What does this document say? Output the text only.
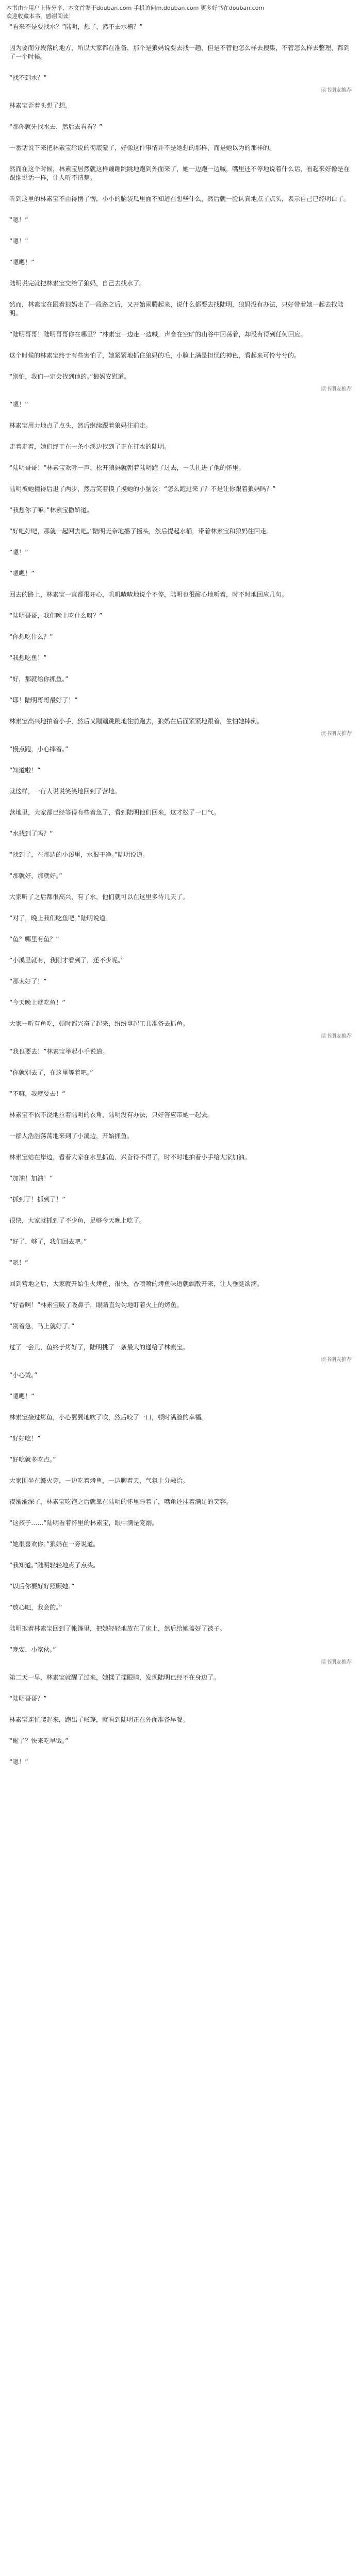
本书由☆用户上传分享，本文首发于douban.com 手机访问m.douban.com 更多好书在douban.com
欢迎收藏本书，感谢阅读！

“看来不是要找水？”陆明，想了，然不去水槽？”

因为要而分段落的地方，所以大家都在准备，那个是狼妈说要去找一趟，但是不管他怎么样去搜集，不管怎么样去整理，都到了一个时候。

“找不到水？”

读书朋友推荐

林素宝歪着头想了想。

“那你就先找水去，然后去看看？”

一番话说下来把林素宝给说的彻底蒙了，好像这件事情并不是她想的那样，而是她以为的那样的。

然而在这个时候，林素宝居然就这样蹦蹦跳跳地跑到外面来了，她一边跑一边喊，嘴里还不停地说着什么话，看起来好像是在跟谁说话一样，让人听不清楚。

听到这里的林素宝不由得愣了愣，小小的脑袋瓜里面不知道在想些什么，然后就一脸认真地点了点头，表示自己已经明白了。

“嗯！”

“嗯！”

“嗯嗯！”

陆明说完就把林素宝交给了狼妈，自己去找水了。

然而，林素宝在跟着狼妈走了一段路之后，又开始闹腾起来，说什么都要去找陆明，狼妈没有办法，只好带着她一起去找陆明。

“陆明哥哥！陆明哥哥你在哪里？”林素宝一边走一边喊，声音在空旷的山谷中回荡着，却没有得到任何回应。

这个时候的林素宝终于有些害怕了，她紧紧地抓住狼妈的毛，小脸上满是担忧的神色，看起来可怜兮兮的。

“别怕，我们一定会找到他的。”狼妈安慰道。

读书朋友推荐

“嗯！”

林素宝用力地点了点头，然后继续跟着狼妈往前走。

走着走着，她们终于在一条小溪边找到了正在打水的陆明。

“陆明哥哥！”林素宝欢呼一声，松开狼妈就朝着陆明跑了过去，一头扎进了他的怀里。

陆明被她撞得后退了两步，然后笑着摸了摸她的小脑袋：“怎么跑过来了？不是让你跟着狼妈吗？”

“我想你了嘛。”林素宝撒娇道。

“好吧好吧，那就一起回去吧。”陆明无奈地摇了摇头，然后提起水桶，带着林素宝和狼妈往回走。

“嗯！”

“嗯嗯！”

回去的路上，林素宝一直都很开心，叽叽喳喳地说个不停，陆明也很耐心地听着，时不时地回应几句。

“陆明哥哥，我们晚上吃什么呀？”

“你想吃什么？”

“我想吃鱼！”

“好，那就给你抓鱼。”

“耶！陆明哥哥最好了！”

林素宝高兴地拍着小手，然后又蹦蹦跳跳地往前跑去，狼妈在后面紧紧地跟着，生怕她摔倒。

读书朋友推荐

“慢点跑，小心摔着。”

“知道啦！”

就这样，一行人说说笑笑地回到了营地。

营地里，大家都已经等得有些着急了，看到陆明他们回来，这才松了一口气。

“水找到了吗？”

“找到了，在那边的小溪里，水很干净。”陆明说道。

“那就好，那就好。”

大家听了之后都很高兴，有了水，他们就可以在这里多待几天了。

“对了，晚上我们吃鱼吧。”陆明说道。

“鱼？哪里有鱼？”

“小溪里就有，我刚才看到了，还不少呢。”

“那太好了！”

“今天晚上就吃鱼！”

大家一听有鱼吃，顿时都兴奋了起来，纷纷拿起工具准备去抓鱼。

读书朋友推荐

“我也要去！”林素宝举起小手说道。

“你就别去了，在这里等着吧。”

“不嘛，我就要去！”

林素宝不依不饶地拉着陆明的衣角，陆明没有办法，只好答应带她一起去。

一群人浩浩荡荡地来到了小溪边，开始抓鱼。

林素宝站在岸边，看着大家在水里抓鱼，兴奋得不得了，时不时地拍着小手给大家加油。

“加油！加油！”

“抓到了！抓到了！”

很快，大家就抓到了不少鱼，足够今天晚上吃了。

“好了，够了，我们回去吧。”

“嗯！”

回到营地之后，大家就开始生火烤鱼，很快，香喷喷的烤鱼味道就飘散开来，让人垂涎欲滴。

“好香啊！”林素宝吸了吸鼻子，眼睛直勾勾地盯着火上的烤鱼。

“别着急，马上就好了。”

过了一会儿，鱼终于烤好了，陆明挑了一条最大的递给了林素宝。

读书朋友推荐

“小心烫。”

“嗯嗯！”

林素宝接过烤鱼，小心翼翼地吹了吹，然后咬了一口，顿时满脸的幸福。

“好好吃！”

“好吃就多吃点。”

大家围坐在篝火旁，一边吃着烤鱼，一边聊着天，气氛十分融洽。

夜渐渐深了，林素宝吃饱之后就靠在陆明的怀里睡着了，嘴角还挂着满足的笑容。

“这孩子……”陆明看着怀里的林素宝，眼中满是宠溺。

“她很喜欢你。”狼妈在一旁说道。

“我知道。”陆明轻轻地点了点头。

“以后你要好好照顾她。”

“放心吧，我会的。”

陆明抱着林素宝回到了帐篷里，把她轻轻地放在了床上，然后给她盖好了被子。

“晚安，小家伙。”

读书朋友推荐

第二天一早，林素宝就醒了过来，她揉了揉眼睛，发现陆明已经不在身边了。

“陆明哥哥？”

林素宝连忙爬起来，跑出了帐篷，就看到陆明正在外面准备早餐。

“醒了？快来吃早饭。”

“嗯！”
